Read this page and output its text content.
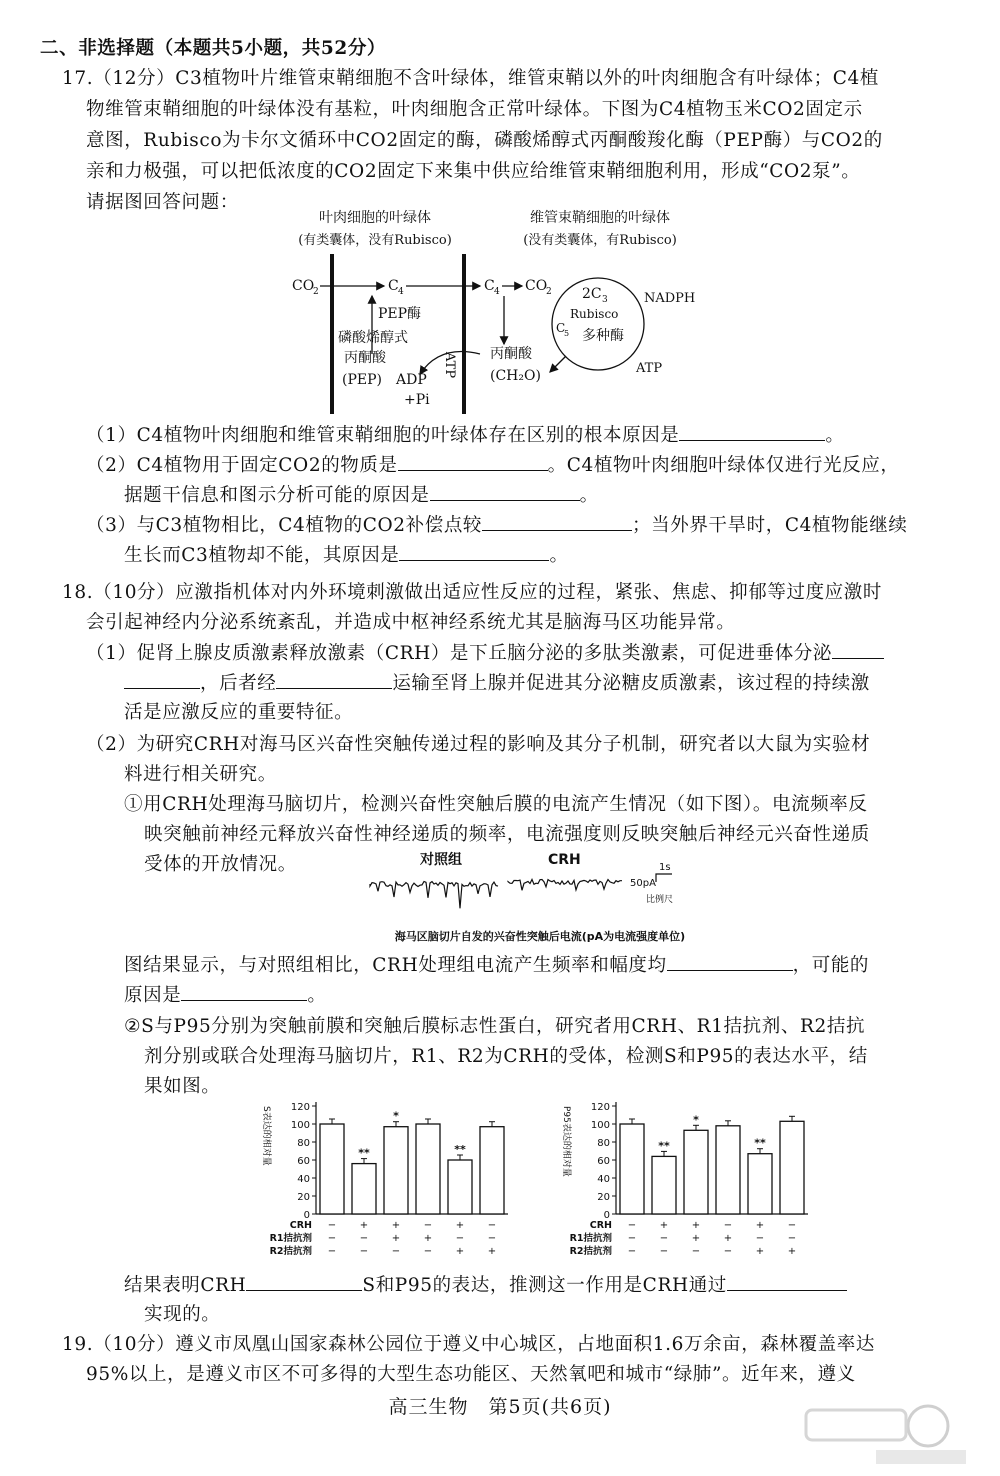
二、非选择题（本题共5小题，共52分）
17.（12分）C3植物叶片维管束鞘细胞不含叶绿体，维管束鞘以外的叶肉细胞含有叶绿体；C4植
物维管束鞘细胞的叶绿体没有基粒，叶肉细胞含正常叶绿体。下图为C4植物玉米CO2固定示
意图，Rubisco为卡尔文循环中CO2固定的酶，磷酸烯醇式丙酮酸羧化酶（PEP酶）与CO2的
亲和力极强，可以把低浓度的CO2固定下来集中供应给维管束鞘细胞利用，形成“CO2泵”。
请据图回答问题：
叶肉细胞的叶绿体
(有类囊体，没有Rubisco)
维管束鞘细胞的叶绿体
(没有类囊体，有Rubisco)
CO
2	C 4
PEP酶
磷酸烯醇式
丙酮酸
(PEP) ADP
+Pi
ATP
C 4 CO
2
丙酮酸
(CH₂O)
2C 3
Rubisco
C
5 多种酶
NADPH
ATP
（1）C4植物叶肉细胞和维管束鞘细胞的叶绿体存在区别的根本原因是	。
（2）C4植物用于固定CO2的物质是	。C4植物叶肉细胞叶绿体仅进行光反应，
据题干信息和图示分析可能的原因是	。
（3）与C3植物相比，C4植物的CO2补偿点较	；当外界干旱时，C4植物能继续
生长而C3植物却不能，其原因是	。
18.（10分）应激指机体对内外环境刺激做出适应性反应的过程，紧张、焦虑、抑郁等过度应激时
会引起神经内分泌系统紊乱，并造成中枢神经系统尤其是脑海马区功能异常。
（1）促肾上腺皮质激素释放激素（CRH）是下丘脑分泌的多肽类激素，可促进垂体分泌
，后者经	运输至肾上腺并促进其分泌糖皮质激素，该过程的持续激
活是应激反应的重要特征。
（2）为研究CRH对海马区兴奋性突触传递过程的影响及其分子机制，研究者以大鼠为实验材
料进行相关研究。
①用CRH处理海马脑切片，检测兴奋性突触后膜的电流产生情况（如下图）。电流频率反
映突触前神经元释放兴奋性神经递质的频率，电流强度则反映突触后神经元兴奋性递质
受体的开放情况。	对照组	CRH	1s
50pA
比例尺
海马区脑切片自发的兴奋性突触后电流(pA为电流强度单位)
图结果显示，与对照组相比，CRH处理组电流产生频率和幅度均	，可能的
原因是	。
②S与P95分别为突触前膜和突触后膜标志性蛋白，研究者用CRH、R1拮抗剂、R2拮抗
剂分别或联合处理海马脑切片，R1、R2为CRH的受体，检测S和P95的表达水平，结
果如图。
0
20
40
60
80
100
120
S表达的相对量	**
*
**
CRH − + + − + −
R1拮抗剂 − − + + − −
R2拮抗剂 − − − − + +
0
20
40
60
80
100
120
P95表达的相对量	**
*
**
CRH − + + − + −
R1拮抗剂 − − + + − −
R2拮抗剂 − − − − + +
结果表明CRH	S和P95的表达，推测这一作用是CRH通过
实现的。
19.（10分）遵义市凤凰山国家森林公园位于遵义中心城区，占地面积1.6万余亩，森林覆盖率达
95%以上，是遵义市区不可多得的大型生态功能区、天然氧吧和城市“绿肺”。近年来，遵义
高三生物　第5页(共6页)
